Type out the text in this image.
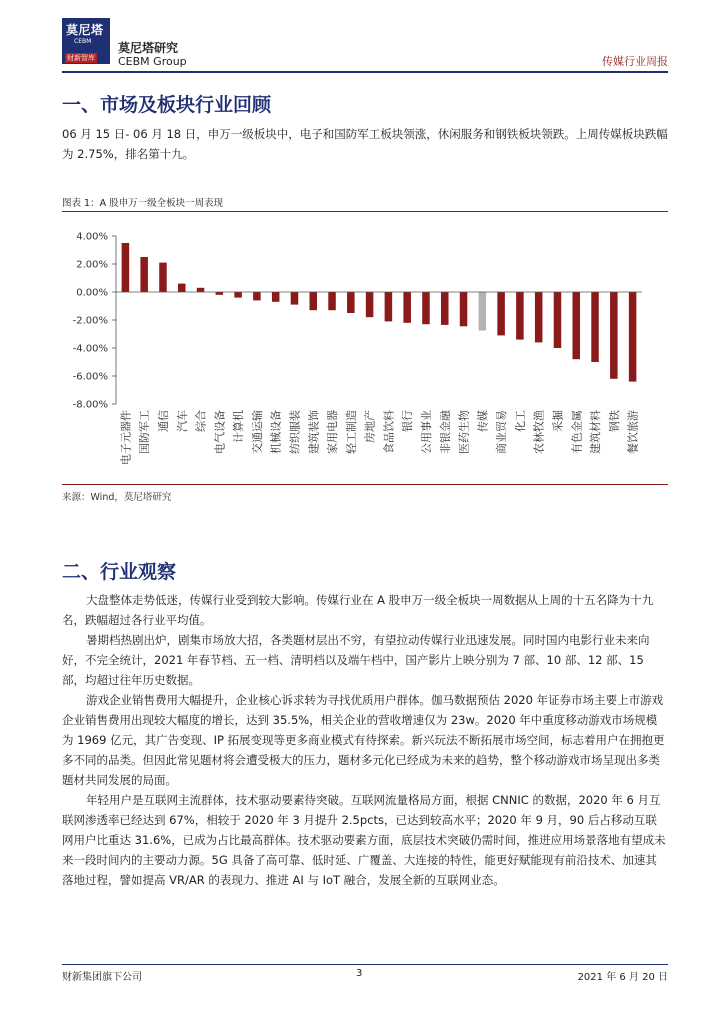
莫尼塔
CEBM
财新智库
莫尼塔研究
CEBM Group	传媒行业周报
一、市场及板块行业回顾
06 月 15 日- 06 月 18 日，申万一级板块中，电子和国防军工板块领涨，休闲服务和钢铁板块领跌。上周传媒板块跌幅为 2.75%，排名第十九。
图表 1：A 股申万一级全板块一周表现
4.00%
2.00%
0.00%
-2.00%
-4.00%
-6.00%
-8.00%
电子元器件 国防军工 通信 汽车 综合 电气设备 计算机 交通运输 机械设备 纺织服装 建筑装饰 家用电器 轻工制造 房地产 食品饮料 银行 公用事业 非银金融 医药生物 传媒 商业贸易 化工 农林牧渔 采掘 有色金属 建筑材料 钢铁 餐饮旅游
来源：Wind，莫尼塔研究
二、行业观察
大盘整体走势低迷，传媒行业受到较大影响。传媒行业在 A 股申万一级全板块一周数据从上周的十五名降为十九名，跌幅超过各行业平均值。
暑期档热剧出炉，剧集市场放大招，各类题材层出不穷，有望拉动传媒行业迅速发展。同时国内电影行业未来向好，不完全统计，2021 年春节档、五一档、清明档以及端午档中，国产影片上映分别为 7 部、10 部、12 部、15 部，均超过往年历史数据。
游戏企业销售费用大幅提升，企业核心诉求转为寻找优质用户群体。伽马数据预估 2020 年证券市场主要上市游戏企业销售费用出现较大幅度的增长，达到 35.5%，相关企业的营收增速仅为 23w。2020 年中重度移动游戏市场规模为 1969 亿元，其广告变现、IP 拓展变现等更多商业模式有待探索。新兴玩法不断拓展市场空间，标志着用户在拥抱更多不同的品类。但因此常见题材将会遭受极大的压力，题材多元化已经成为未来的趋势，整个移动游戏市场呈现出多类题材共同发展的局面。
年轻用户是互联网主流群体，技术驱动要素待突破。互联网流量格局方面，根据 CNNIC 的数据，2020 年 6 月互联网渗透率已经达到 67%，相较于 2020 年 3 月提升 2.5pcts，已达到较高水平；2020 年 9 月，90 后占移动互联网用户比重达 31.6%，已成为占比最高群体。技术驱动要素方面，底层技术突破仍需时间，推进应用场景落地有望成未来一段时间内的主要动力源。5G 具备了高可靠、低时延、广覆盖、大连接的特性，能更好赋能现有前沿技术、加速其落地过程，譬如提高 VR/AR 的表现力、推进 AI 与 IoT 融合，发展全新的互联网业态。
财新集团旗下公司	3	2021 年 6 月 20 日
